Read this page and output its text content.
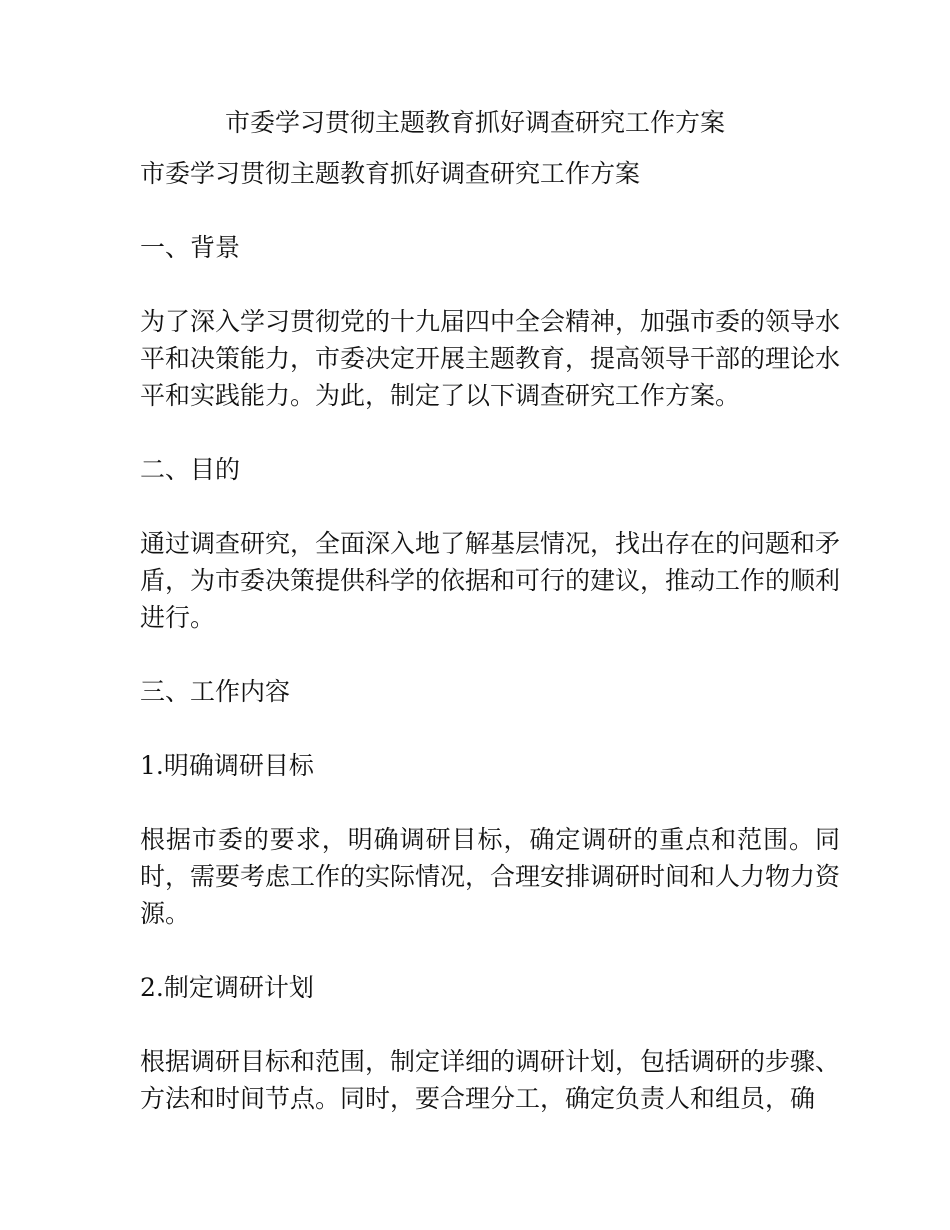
市委学习贯彻主题教育抓好调查研究工作方案

市委学习贯彻主题教育抓好调查研究工作方案

一、背景

为了深入学习贯彻党的十九届四中全会精神，加强市委的领导水平和决策能力，市委决定开展主题教育，提高领导干部的理论水平和实践能力。为此，制定了以下调查研究工作方案。

二、目的

通过调查研究，全面深入地了解基层情况，找出存在的问题和矛盾，为市委决策提供科学的依据和可行的建议，推动工作的顺利进行。

三、工作内容

1.明确调研目标

根据市委的要求，明确调研目标，确定调研的重点和范围。同时，需要考虑工作的实际情况，合理安排调研时间和人力物力资源。

2.制定调研计划

根据调研目标和范围，制定详细的调研计划，包括调研的步骤、方法和时间节点。同时，要合理分工，确定负责人和组员，确
